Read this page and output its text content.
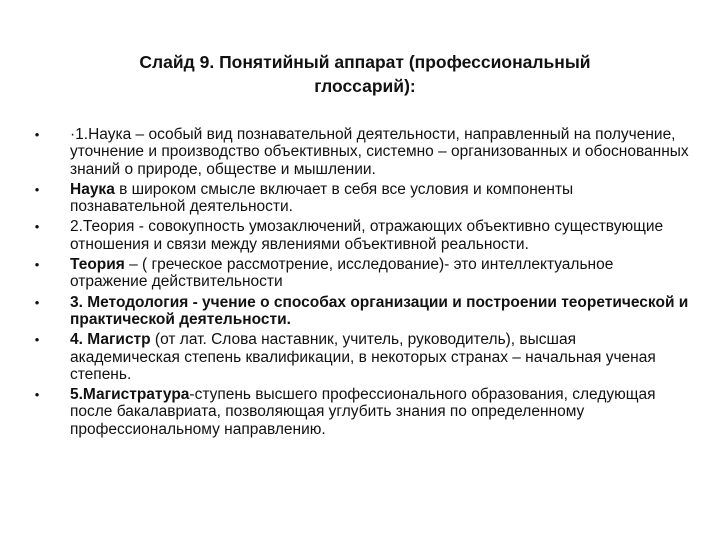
Слайд 9. Понятийный аппарат (профессиональный
глоссарий):
•	·1.Наука – особый вид познавательной деятельности, направленный на получение, уточнение и производство объективных, системно – организованных и обоснованных знаний о природе, обществе и мышлении.
•	Наука в широком смысле включает в себя все условия и компоненты познавательной деятельности.
•	2.Теория - совокупность умозаключений, отражающих объективно существующие отношения и связи между явлениями объективной реальности.
•	Теория – ( греческое рассмотрение, исследование)- это интеллектуальное отражение действительности
•	3. Методология - учение о способах организации и построении теоретической и практической деятельности.
•	4. Магистр (от лат. Слова наставник, учитель, руководитель), высшая академическая степень квалификации, в некоторых странах – начальная ученая степень.
•	5.Магистратура-ступень высшего профессионального образования, следующая после бакалавриата, позволяющая углубить знания по определенному профессиональному направлению.
